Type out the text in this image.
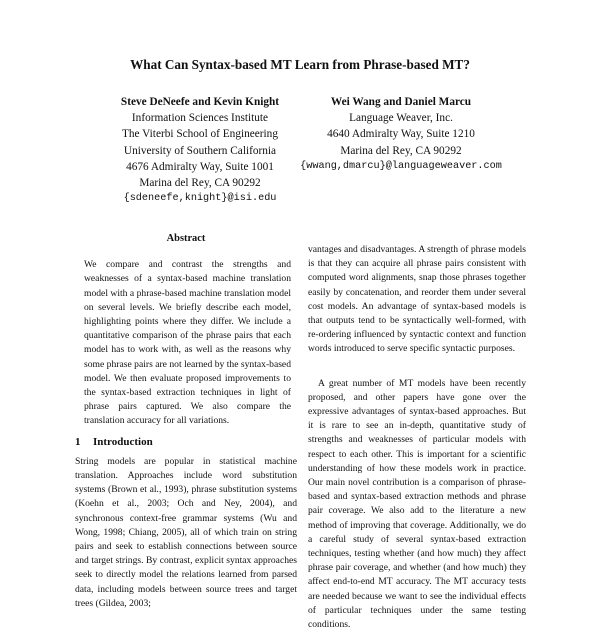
What Can Syntax-based MT Learn from Phrase-based MT?
Steve DeNeefe and Kevin Knight
Information Sciences Institute
The Viterbi School of Engineering
University of Southern California
4676 Admiralty Way, Suite 1001
Marina del Rey, CA 90292
{sdeneefe,knight}@isi.edu
Wei Wang and Daniel Marcu
Language Weaver, Inc.
4640 Admiralty Way, Suite 1210
Marina del Rey, CA 90292
{wwang,dmarcu}@languageweaver.com
Abstract

We compare and contrast the strengths and weaknesses of a syntax-based machine translation model with a phrase-based machine translation model on several levels. We briefly describe each model, highlighting points where they differ. We include a quantitative comparison of the phrase pairs that each model has to work with, as well as the reasons why some phrase pairs are not learned by the syntax-based model. We then evaluate proposed improvements to the syntax-based extraction techniques in light of phrase pairs captured. We also compare the translation accuracy for all variations.

1 Introduction

String models are popular in statistical machine translation. Approaches include word substitution systems (Brown et al., 1993), phrase substitution systems (Koehn et al., 2003; Och and Ney, 2004), and synchronous context-free grammar systems (Wu and Wong, 1998; Chiang, 2005), all of which train on string pairs and seek to establish connections between source and target strings. By contrast, explicit syntax approaches seek to directly model the relations learned from parsed data, including models between source trees and target trees (Gildea, 2003;

vantages and disadvantages. A strength of phrase models is that they can acquire all phrase pairs consistent with computed word alignments, snap those phrases together easily by concatenation, and reorder them under several cost models. An advantage of syntax-based models is that outputs tend to be syntactically well-formed, with re-ordering influenced by syntactic context and function words introduced to serve specific syntactic purposes.

A great number of MT models have been recently proposed, and other papers have gone over the expressive advantages of syntax-based approaches. But it is rare to see an in-depth, quantitative study of strengths and weaknesses of particular models with respect to each other. This is important for a scientific understanding of how these models work in practice. Our main novel contribution is a comparison of phrase-based and syntax-based extraction methods and phrase pair coverage. We also add to the literature a new method of improving that coverage. Additionally, we do a careful study of several syntax-based extraction techniques, testing whether (and how much) they affect phrase pair coverage, and whether (and how much) they affect end-to-end MT accuracy. The MT accuracy tests are needed because we want to see the individual effects of particular techniques under the same testing conditions.
